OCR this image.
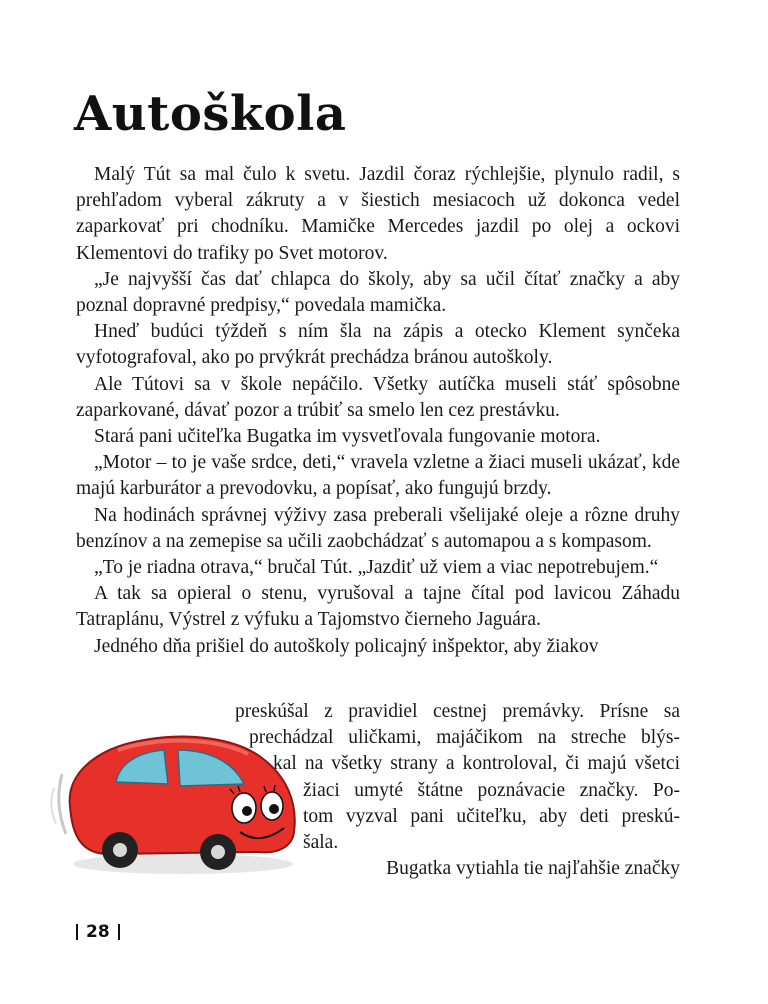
Autoškola

Malý Tút sa mal čulo k svetu. Jazdil čoraz rýchlejšie, plynulo radil, s prehľadom vyberal zákruty a v šiestich mesiacoch už dokonca vedel zaparkovať pri chodníku. Mamičke Mercedes jazdil po olej a ockovi Klementovi do trafiky po Svet motorov.

„Je najvyšší čas dať chlapca do školy, aby sa učil čítať značky a aby poznal dopravné predpisy,“ povedala mamička.

Hneď budúci týždeň s ním šla na zápis a otecko Klement synčeka vyfotografoval, ako po prvýkrát prechádza bránou autoškoly.

Ale Tútovi sa v škole nepáčilo. Všetky autíčka museli stáť spôsobne zaparkované, dávať pozor a trúbiť sa smelo len cez prestávku.

Stará pani učiteľka Bugatka im vysvetľovala fungovanie motora.

„Motor – to je vaše srdce, deti,“ vravela vzletne a žiaci museli ukázať, kde majú karburátor a prevodovku, a popísať, ako fungujú brzdy.

Na hodinách správnej výživy zasa preberali všelijaké oleje a rôzne druhy benzínov a na zemepise sa učili zaobchádzať s automapou a s kompasom.

„To je riadna otrava,“ bručal Tút. „Jazdiť už viem a viac nepotrebujem.“

A tak sa opieral o stenu, vyrušoval a tajne čítal pod lavicou Záhadu Tatraplánu, Výstrel z výfuku a Tajomstvo čierneho Jaguára.

Jedného dňa prišiel do autoškoly policajný inšpektor, aby žiakov

preskúšal z pravidiel cestnej premávky. Prísne sa
prechádzal uličkami, majáčikom na streche blýs-
kal na všetky strany a kontroloval, či majú všetci
žiaci umyté štátne poznávacie značky. Po-
tom vyzval pani učiteľku, aby deti preskú-
šala.
Bugatka vytiahla tie najľahšie značky
28
